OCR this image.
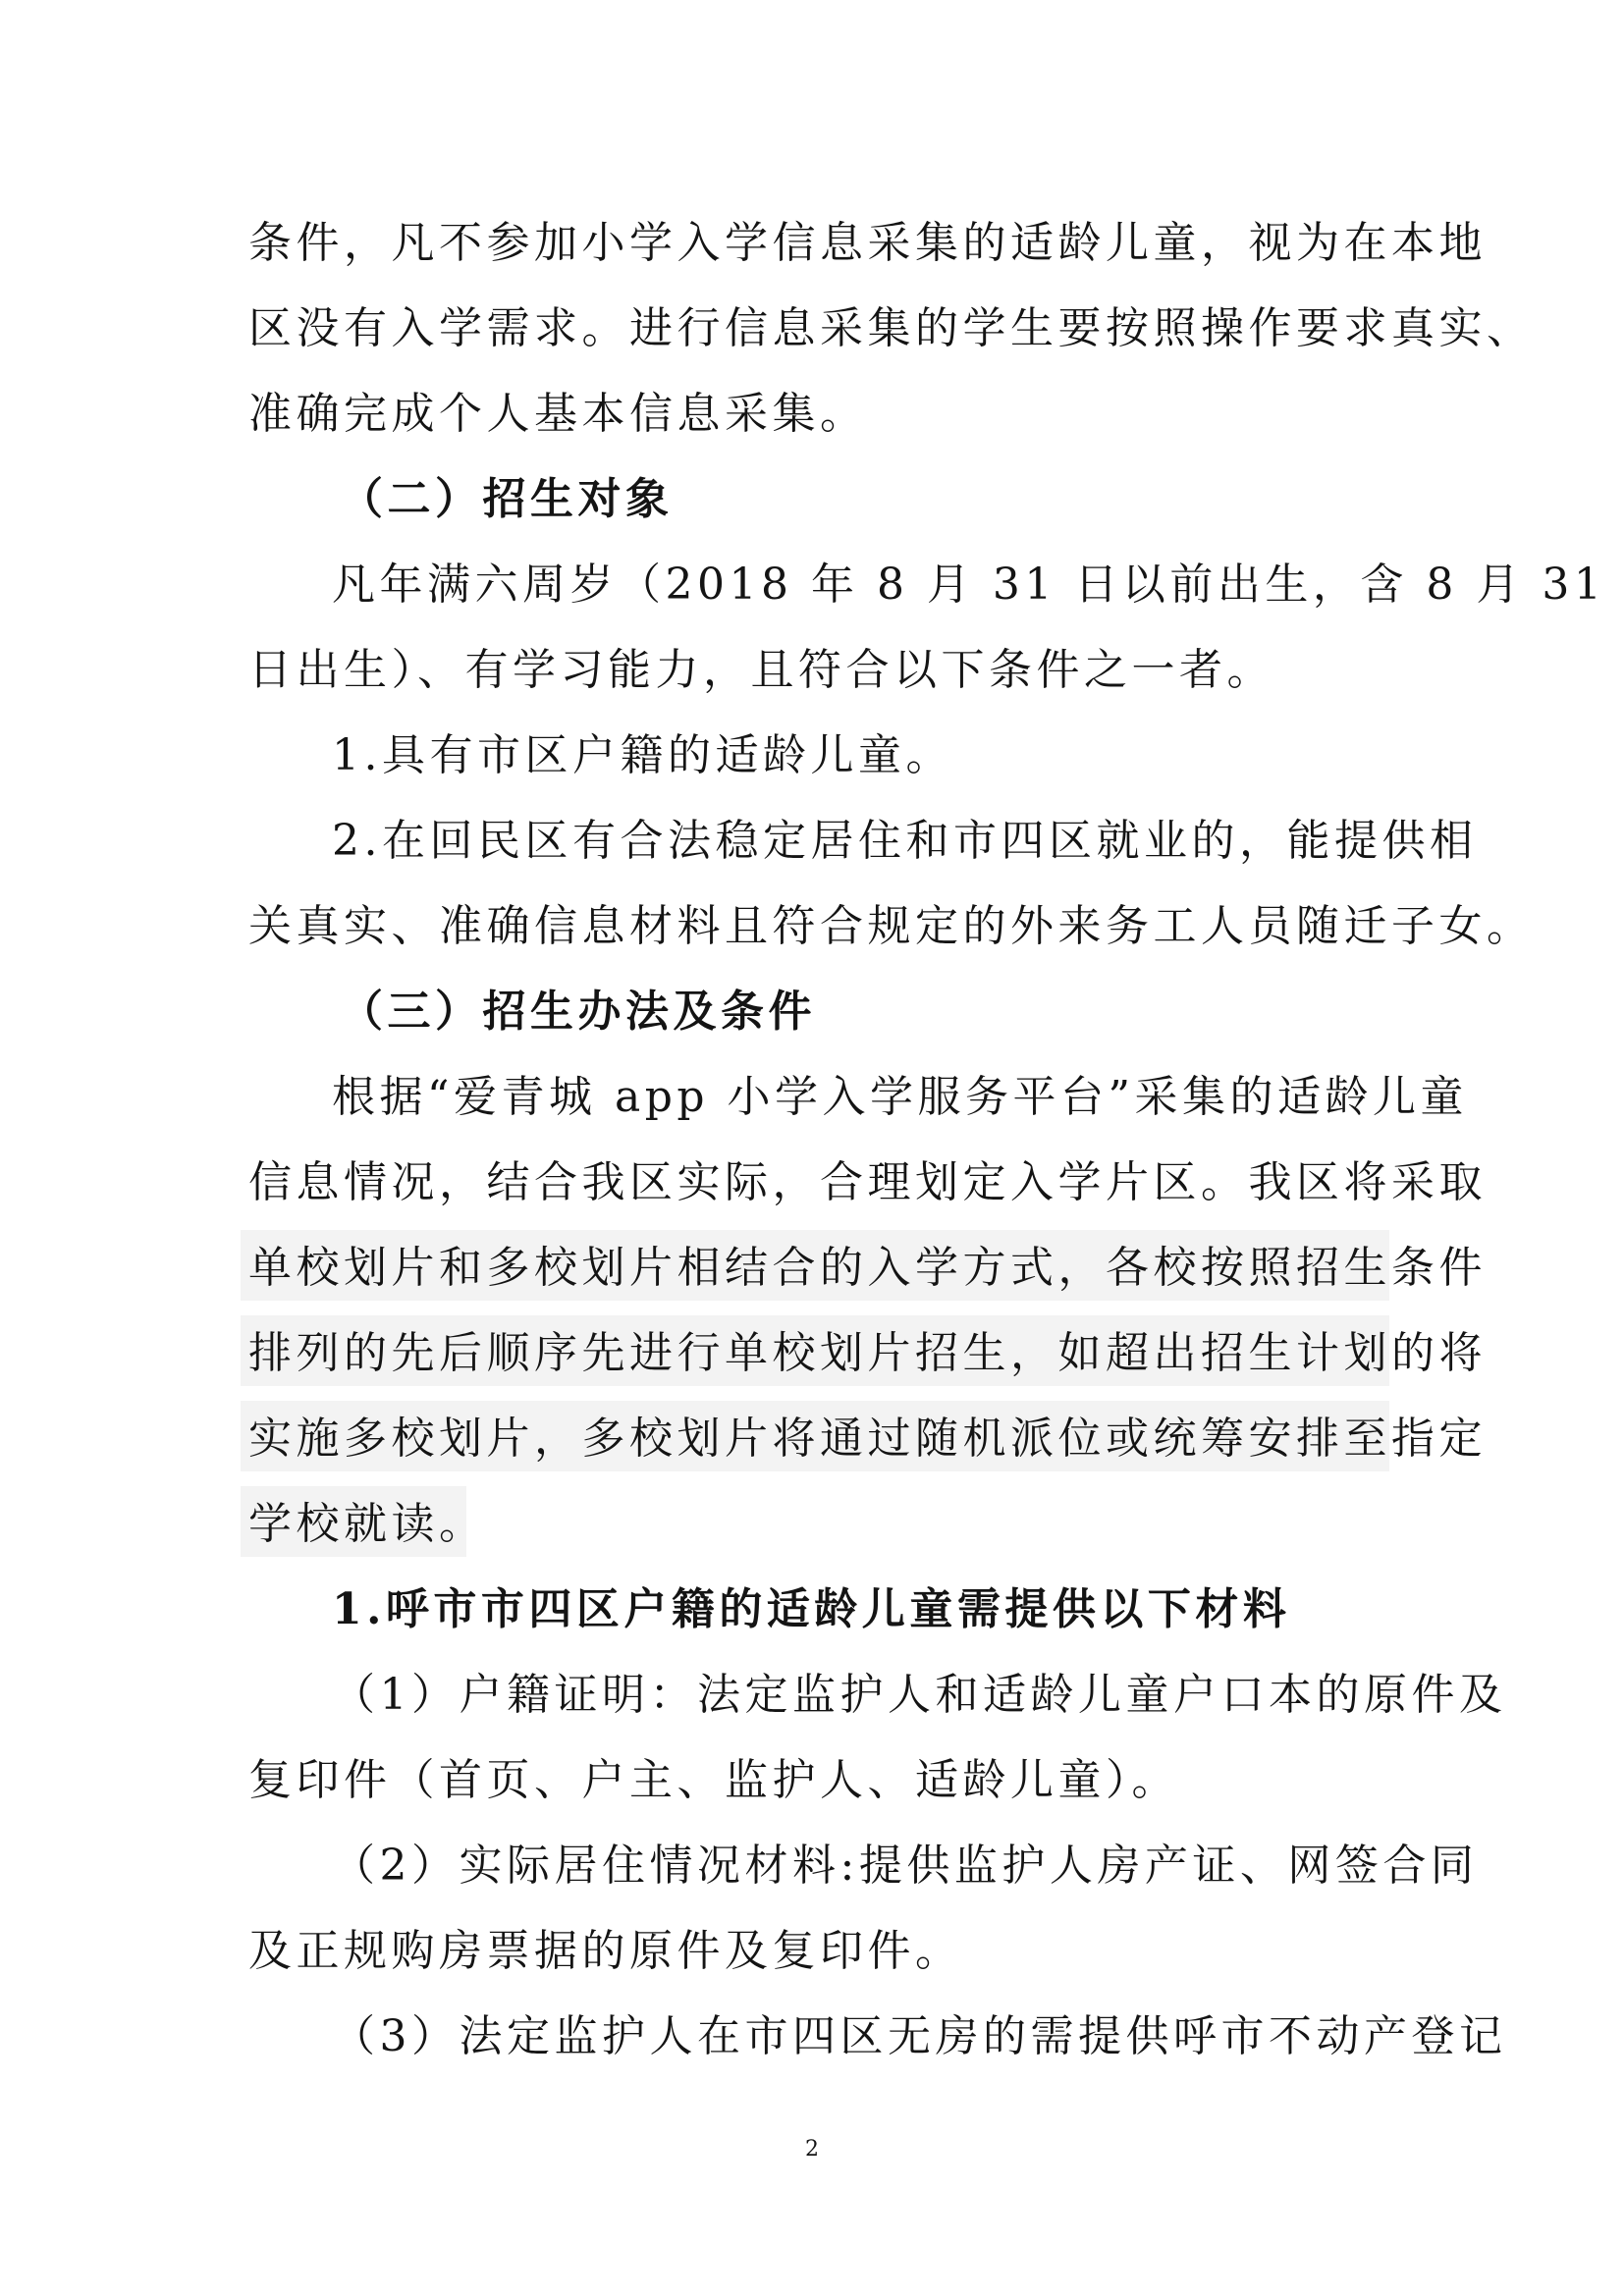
条件，凡不参加小学入学信息采集的适龄儿童，视为在本地
区没有入学需求。进行信息采集的学生要按照操作要求真实、
准确完成个人基本信息采集。
（二）招生对象
凡年满六周岁（2018 年 8 月 31 日以前出生，含 8 月 31
日出生）、有学习能力，且符合以下条件之一者。
1.具有市区户籍的适龄儿童。
2.在回民区有合法稳定居住和市四区就业的，能提供相
关真实、准确信息材料且符合规定的外来务工人员随迁子女。
（三）招生办法及条件
根据“爱青城 app 小学入学服务平台”采集的适龄儿童
信息情况，结合我区实际，合理划定入学片区。我区将采取
单校划片和多校划片相结合的入学方式，各校按照招生条件
排列的先后顺序先进行单校划片招生，如超出招生计划的将
实施多校划片，多校划片将通过随机派位或统筹安排至指定
学校就读。
1.呼市市四区户籍的适龄儿童需提供以下材料
（1）户籍证明：法定监护人和适龄儿童户口本的原件及
复印件（首页、户主、监护人、适龄儿童）。
（2）实际居住情况材料:提供监护人房产证、网签合同
及正规购房票据的原件及复印件。
（3）法定监护人在市四区无房的需提供呼市不动产登记
2
